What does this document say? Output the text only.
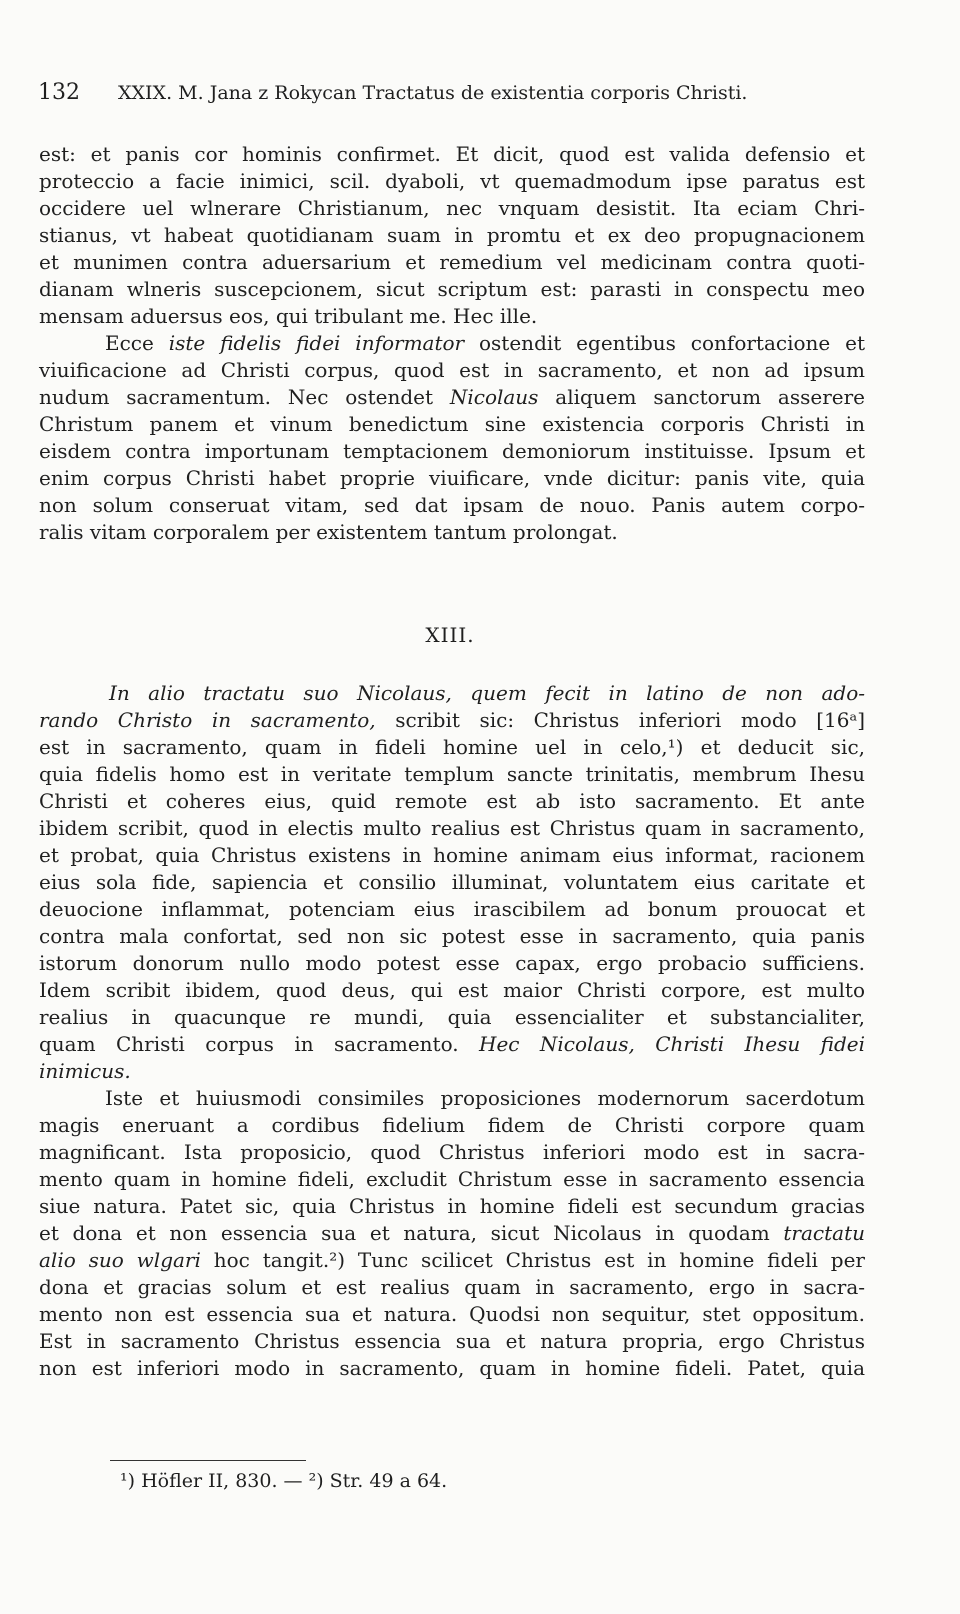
132 XXIX. M. Jana z Rokycan Tractatus de existentia corporis Christi.
est: et panis cor hominis confirmet. Et dicit, quod est valida defensio et
proteccio a facie inimici, scil. dyaboli, vt quemadmodum ipse paratus est
occidere uel wlnerare Christianum, nec vnquam desistit. Ita eciam Chri-
stianus, vt habeat quotidianam suam in promtu et ex deo propugnacionem
et munimen contra aduersarium et remedium vel medicinam contra quoti-
dianam wlneris suscepcionem, sicut scriptum est: parasti in conspectu meo
mensam aduersus eos, qui tribulant me. Hec ille.
Ecce iste fidelis fidei informator ostendit egentibus confortacione et
viuificacione ad Christi corpus, quod est in sacramento, et non ad ipsum
nudum sacramentum. Nec ostendet Nicolaus aliquem sanctorum asserere
Christum panem et vinum benedictum sine existencia corporis Christi in
eisdem contra importunam temptacionem demoniorum instituisse. Ipsum et
enim corpus Christi habet proprie viuificare, vnde dicitur: panis vite, quia
non solum conseruat vitam, sed dat ipsam de nouo. Panis autem corpo-
ralis vitam corporalem per existentem tantum prolongat.
XIII.
In alio tractatu suo Nicolaus, quem fecit in latino de non ado-
rando Christo in sacramento, scribit sic: Christus inferiori modo [16ᵃ]
est in sacramento, quam in fideli homine uel in celo,¹) et deducit sic,
quia fidelis homo est in veritate templum sancte trinitatis, membrum Ihesu
Christi et coheres eius, quid remote est ab isto sacramento. Et ante
ibidem scribit, quod in electis multo realius est Christus quam in sacramento,
et probat, quia Christus existens in homine animam eius informat, racionem
eius sola fide, sapiencia et consilio illuminat, voluntatem eius caritate et
deuocione inflammat, potenciam eius irascibilem ad bonum prouocat et
contra mala confortat, sed non sic potest esse in sacramento, quia panis
istorum donorum nullo modo potest esse capax, ergo probacio sufficiens.
Idem scribit ibidem, quod deus, qui est maior Christi corpore, est multo
realius in quacunque re mundi, quia essencialiter et substancialiter,
quam Christi corpus in sacramento. Hec Nicolaus, Christi Ihesu fidei
inimicus.
Iste et huiusmodi consimiles proposiciones modernorum sacerdotum
magis eneruant a cordibus fidelium fidem de Christi corpore quam
magnificant. Ista proposicio, quod Christus inferiori modo est in sacra-
mento quam in homine fideli, excludit Christum esse in sacramento essencia
siue natura. Patet sic, quia Christus in homine fideli est secundum gracias
et dona et non essencia sua et natura, sicut Nicolaus in quodam tractatu
alio suo wlgari hoc tangit.²) Tunc scilicet Christus est in homine fideli per
dona et gracias solum et est realius quam in sacramento, ergo in sacra-
mento non est essencia sua et natura. Quodsi non sequitur, stet oppositum.
Est in sacramento Christus essencia sua et natura propria, ergo Christus
non est inferiori modo in sacramento, quam in homine fideli. Patet, quia
¹) Höfler II, 830. — ²) Str. 49 a 64.
